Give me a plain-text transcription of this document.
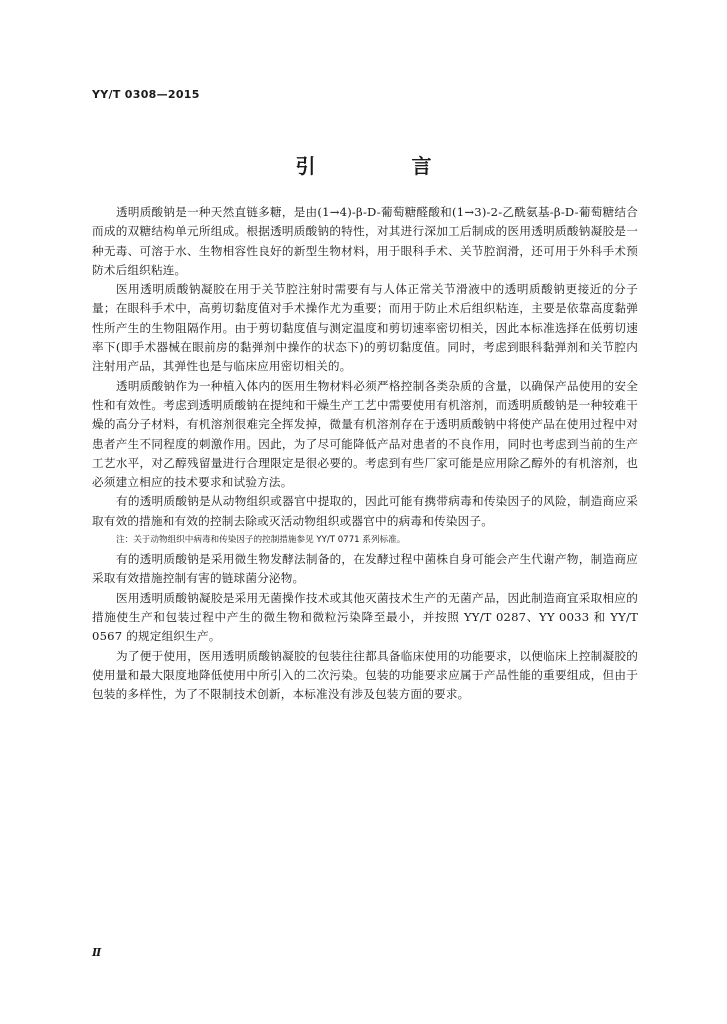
YY/T 0308—2015
引　言

透明质酸钠是一种天然直链多糖，是由(1→4)-β-D-葡萄糖醛酸和(1→3)-2-乙酰氨基-β-D-葡萄糖结合而成的双糖结构单元所组成。根据透明质酸钠的特性，对其进行深加工后制成的医用透明质酸钠凝胶是一种无毒、可溶于水、生物相容性良好的新型生物材料，用于眼科手术、关节腔润滑，还可用于外科手术预防术后组织粘连。

医用透明质酸钠凝胶在用于关节腔注射时需要有与人体正常关节滑液中的透明质酸钠更接近的分子量；在眼科手术中，高剪切黏度值对手术操作尤为重要；而用于防止术后组织粘连，主要是依靠高度黏弹性所产生的生物阻隔作用。由于剪切黏度值与测定温度和剪切速率密切相关，因此本标准选择在低剪切速率下(即手术器械在眼前房的黏弹剂中操作的状态下)的剪切黏度值。同时，考虑到眼科黏弹剂和关节腔内注射用产品，其弹性也是与临床应用密切相关的。

透明质酸钠作为一种植入体内的医用生物材料必须严格控制各类杂质的含量，以确保产品使用的安全性和有效性。考虑到透明质酸钠在提纯和干燥生产工艺中需要使用有机溶剂，而透明质酸钠是一种较难干燥的高分子材料，有机溶剂很难完全挥发掉，微量有机溶剂存在于透明质酸钠中将使产品在使用过程中对患者产生不同程度的刺激作用。因此，为了尽可能降低产品对患者的不良作用，同时也考虑到当前的生产工艺水平，对乙醇残留量进行合理限定是很必要的。考虑到有些厂家可能是应用除乙醇外的有机溶剂，也必须建立相应的技术要求和试验方法。

有的透明质酸钠是从动物组织或器官中提取的，因此可能有携带病毒和传染因子的风险，制造商应采取有效的措施和有效的控制去除或灭活动物组织或器官中的病毒和传染因子。

注：关于动物组织中病毒和传染因子的控制措施参见 YY/T 0771 系列标准。

有的透明质酸钠是采用微生物发酵法制备的，在发酵过程中菌株自身可能会产生代谢产物，制造商应采取有效措施控制有害的链球菌分泌物。

医用透明质酸钠凝胶是采用无菌操作技术或其他灭菌技术生产的无菌产品，因此制造商宜采取相应的措施使生产和包装过程中产生的微生物和微粒污染降至最小，并按照 YY/T 0287、YY 0033 和 YY/T 0567 的规定组织生产。

为了便于使用，医用透明质酸钠凝胶的包装往往都具备临床使用的功能要求，以便临床上控制凝胶的使用量和最大限度地降低使用中所引入的二次污染。包装的功能要求应属于产品性能的重要组成，但由于包装的多样性，为了不限制技术创新，本标准没有涉及包装方面的要求。

Ⅱ
